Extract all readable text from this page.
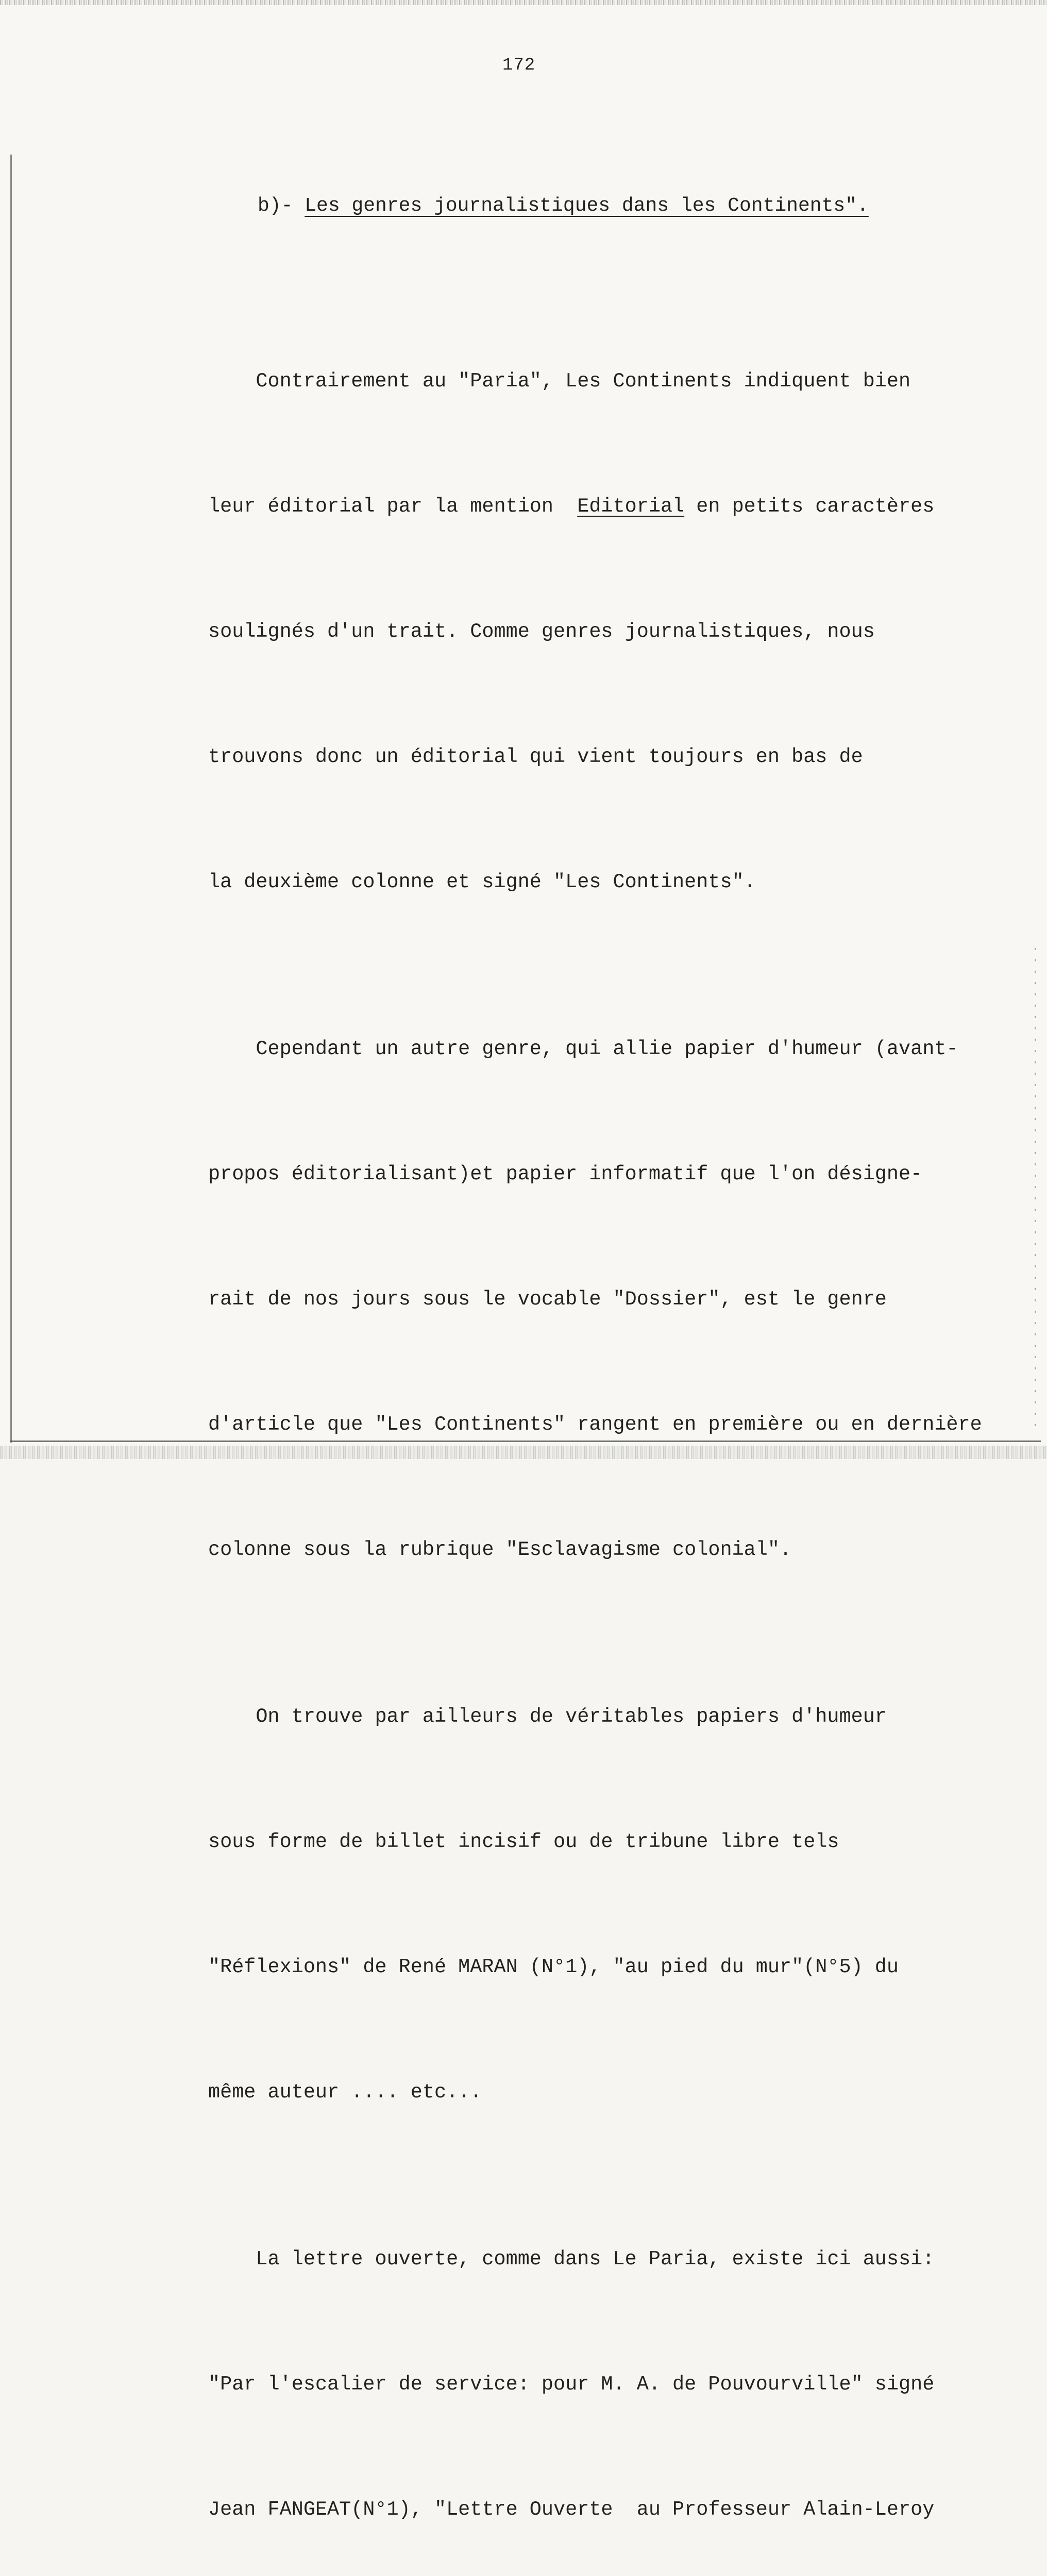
172
b)- Les genres journalistiques dans les Continents".

Contrairement au "Paria", Les Continents indiquent bien

leur éditorial par la mention  Editorial en petits caractères

soulignés d'un trait. Comme genres journalistiques, nous

trouvons donc un éditorial qui vient toujours en bas de

la deuxième colonne et signé "Les Continents".

Cependant un autre genre, qui allie papier d'humeur (avant-

propos éditorialisant)et papier informatif que l'on désigne-

rait de nos jours sous le vocable "Dossier", est le genre

d'article que "Les Continents" rangent en première ou en dernière

colonne sous la rubrique "Esclavagisme colonial".

On trouve par ailleurs de véritables papiers d'humeur

sous forme de billet incisif ou de tribune libre tels

"Réflexions" de René MARAN (N°1), "au pied du mur"(N°5) du

même auteur .... etc...

La lettre ouverte, comme dans Le Paria, existe ici aussi:

"Par l'escalier de service: pour M. A. de Pouvourville" signé

Jean FANGEAT(N°1), "Lettre Ouverte  au Professeur Alain-Leroy
